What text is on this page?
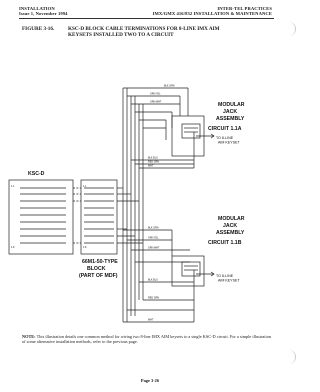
INSTALLATION
Issue 1, November 1994
INTER-TEL PRACTICES
IMX/GMX 416/832 INSTALLATION & MAINTENANCE
FIGURE 3-16.	KSC-D BLOCK CABLE TERMINATIONS FOR 8-LINE IMX AIM
KEYSETS INSTALLED TWO TO A CIRCUIT
KSC-D
66M1-50-TYPE
BLOCK
(PART OF MDF)
MODULAR
JACK
ASSEMBLY
CIRCUIT 1.1A
MODULAR
JACK
ASSEMBLY
CIRCUIT 1.1B
TO 8-LINE
AIM KEYSET
TO 8-LINE
AIM KEYSET
1.1
1.8
1.1
1.8
BLK GRN
GRN YEL
GRN WHT
BLK BLU
RED GRN
WHT
BLK GRN
GRN YEL
GRN WHT
BLK BLU
RED GRN
WHT
NOTE: This illustration details one common method for wiring two 8-line IMX AIM keysets to a single KSC-D circuit. For a simple illustration of some alternative installation methods, refer to the previous page.
Page 3-26
